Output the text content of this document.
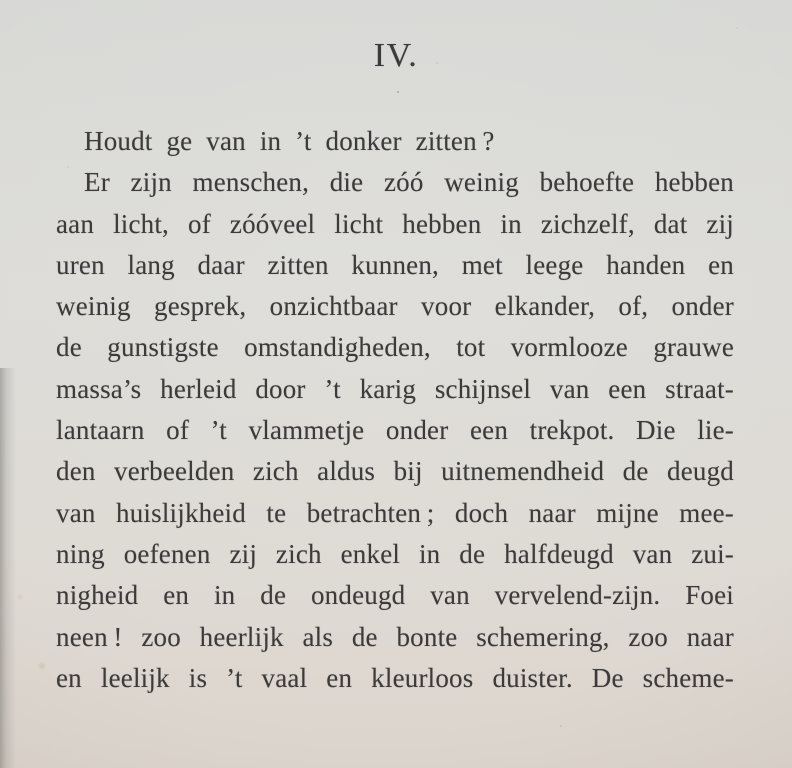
IV.

Houdt ge van in ’t donker zitten ?

Er zijn menschen, die zóó weinig behoefte hebben

aan licht, of zóóveel licht hebben in zichzelf, dat zij

uren lang daar zitten kunnen, met leege handen en

weinig gesprek, onzichtbaar voor elkander, of, onder

de gunstigste omstandigheden, tot vormlooze grauwe

massa’s herleid door ’t karig schijnsel van een straat-

lantaarn of ’t vlammetje onder een trekpot. Die lie-

den verbeelden zich aldus bij uitnemendheid de deugd

van huislijkheid te betrachten ; doch naar mijne mee-

ning oefenen zij zich enkel in de halfdeugd van zui-

nigheid en in de ondeugd van vervelend-zijn. Foei

neen ! zoo heerlijk als de bonte schemering, zoo naar

en leelijk is ’t vaal en kleurloos duister. De scheme-
